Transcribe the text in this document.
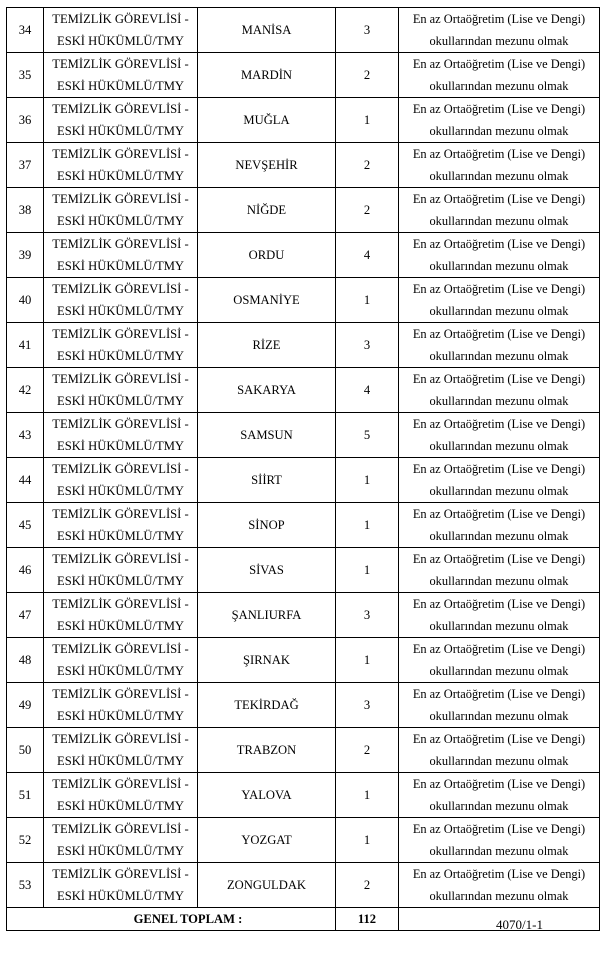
34	TEMİZLİK GÖREVLİSİ -
ESKİ HÜKÜMLÜ/TMY	MANİSA	3	En az Ortaöğretim (Lise ve Dengi)
okullarından mezunu olmak

35	TEMİZLİK GÖREVLİSİ -
ESKİ HÜKÜMLÜ/TMY	MARDİN	2	En az Ortaöğretim (Lise ve Dengi)
okullarından mezunu olmak

36	TEMİZLİK GÖREVLİSİ -
ESKİ HÜKÜMLÜ/TMY	MUĞLA	1	En az Ortaöğretim (Lise ve Dengi)
okullarından mezunu olmak

37	TEMİZLİK GÖREVLİSİ -
ESKİ HÜKÜMLÜ/TMY	NEVŞEHİR	2	En az Ortaöğretim (Lise ve Dengi)
okullarından mezunu olmak

38	TEMİZLİK GÖREVLİSİ -
ESKİ HÜKÜMLÜ/TMY	NİĞDE	2	En az Ortaöğretim (Lise ve Dengi)
okullarından mezunu olmak

39	TEMİZLİK GÖREVLİSİ -
ESKİ HÜKÜMLÜ/TMY	ORDU	4	En az Ortaöğretim (Lise ve Dengi)
okullarından mezunu olmak

40	TEMİZLİK GÖREVLİSİ -
ESKİ HÜKÜMLÜ/TMY	OSMANİYE	1	En az Ortaöğretim (Lise ve Dengi)
okullarından mezunu olmak

41	TEMİZLİK GÖREVLİSİ -
ESKİ HÜKÜMLÜ/TMY	RİZE	3	En az Ortaöğretim (Lise ve Dengi)
okullarından mezunu olmak

42	TEMİZLİK GÖREVLİSİ -
ESKİ HÜKÜMLÜ/TMY	SAKARYA	4	En az Ortaöğretim (Lise ve Dengi)
okullarından mezunu olmak

43	TEMİZLİK GÖREVLİSİ -
ESKİ HÜKÜMLÜ/TMY	SAMSUN	5	En az Ortaöğretim (Lise ve Dengi)
okullarından mezunu olmak

44	TEMİZLİK GÖREVLİSİ -
ESKİ HÜKÜMLÜ/TMY	SİİRT	1	En az Ortaöğretim (Lise ve Dengi)
okullarından mezunu olmak

45	TEMİZLİK GÖREVLİSİ -
ESKİ HÜKÜMLÜ/TMY	SİNOP	1	En az Ortaöğretim (Lise ve Dengi)
okullarından mezunu olmak

46	TEMİZLİK GÖREVLİSİ -
ESKİ HÜKÜMLÜ/TMY	SİVAS	1	En az Ortaöğretim (Lise ve Dengi)
okullarından mezunu olmak

47	TEMİZLİK GÖREVLİSİ -
ESKİ HÜKÜMLÜ/TMY	ŞANLIURFA	3	En az Ortaöğretim (Lise ve Dengi)
okullarından mezunu olmak

48	TEMİZLİK GÖREVLİSİ -
ESKİ HÜKÜMLÜ/TMY	ŞIRNAK	1	En az Ortaöğretim (Lise ve Dengi)
okullarından mezunu olmak

49	TEMİZLİK GÖREVLİSİ -
ESKİ HÜKÜMLÜ/TMY	TEKİRDAĞ	3	En az Ortaöğretim (Lise ve Dengi)
okullarından mezunu olmak

50	TEMİZLİK GÖREVLİSİ -
ESKİ HÜKÜMLÜ/TMY	TRABZON	2	En az Ortaöğretim (Lise ve Dengi)
okullarından mezunu olmak

51	TEMİZLİK GÖREVLİSİ -
ESKİ HÜKÜMLÜ/TMY	YALOVA	1	En az Ortaöğretim (Lise ve Dengi)
okullarından mezunu olmak

52	TEMİZLİK GÖREVLİSİ -
ESKİ HÜKÜMLÜ/TMY	YOZGAT	1	En az Ortaöğretim (Lise ve Dengi)
okullarından mezunu olmak

53	TEMİZLİK GÖREVLİSİ -
ESKİ HÜKÜMLÜ/TMY	ZONGULDAK	2	En az Ortaöğretim (Lise ve Dengi)
okullarından mezunu olmak

GENEL TOPLAM :			112		4070/1-1
